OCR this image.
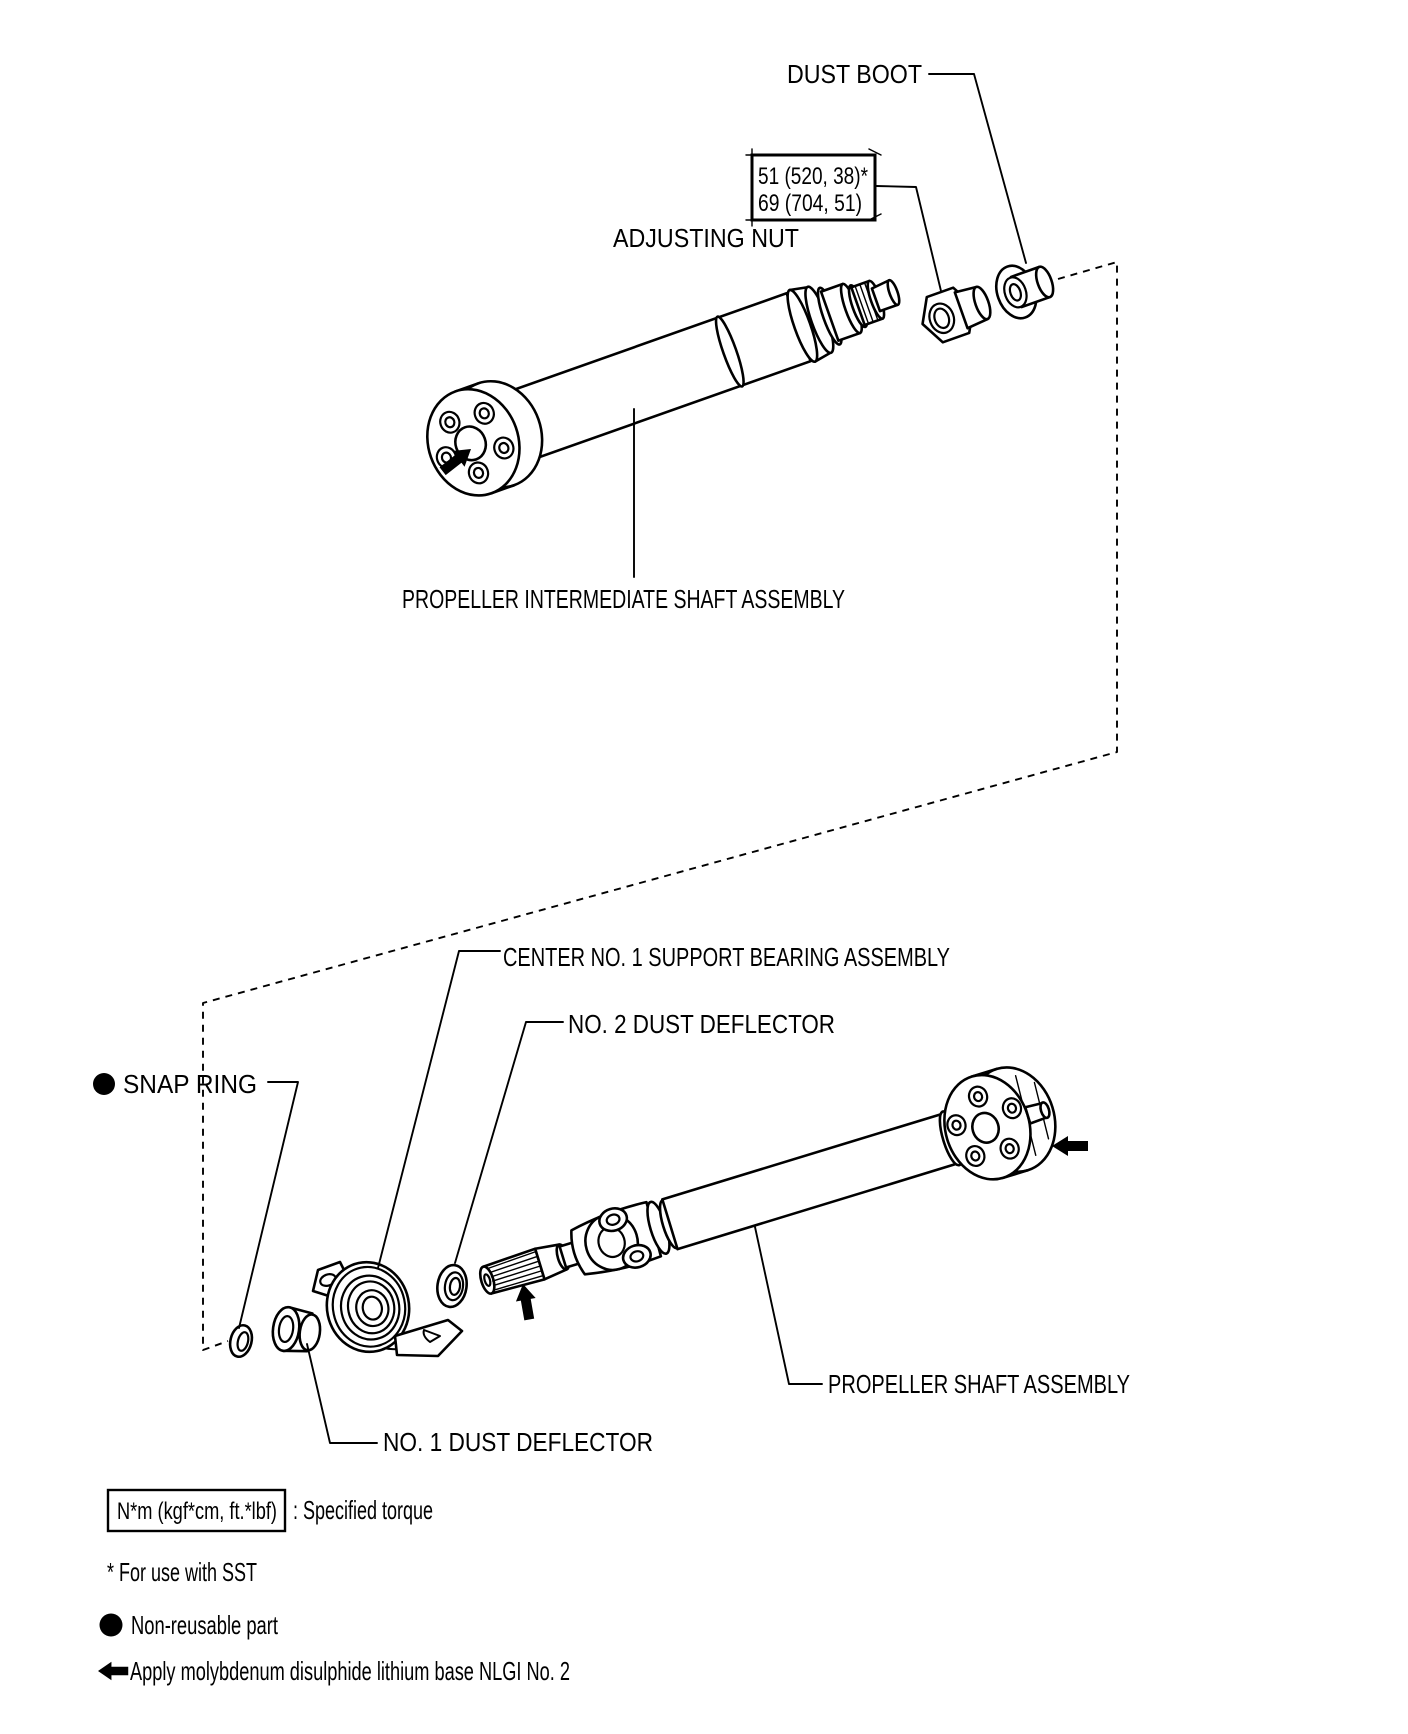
DUST BOOT
51 (520, 38)*
69 (704, 51)
ADJUSTING NUT
PROPELLER INTERMEDIATE SHAFT ASSEMBLY
CENTER NO. 1 SUPPORT BEARING ASSEMBLY
NO. 2 DUST DEFLECTOR
SNAP RING
PROPELLER SHAFT ASSEMBLY
NO. 1 DUST DEFLECTOR
N*m (kgf*cm, ft.*lbf) : Specified torque
* For use with SST
Non-reusable part
Apply molybdenum disulphide lithium base NLGI No. 2
